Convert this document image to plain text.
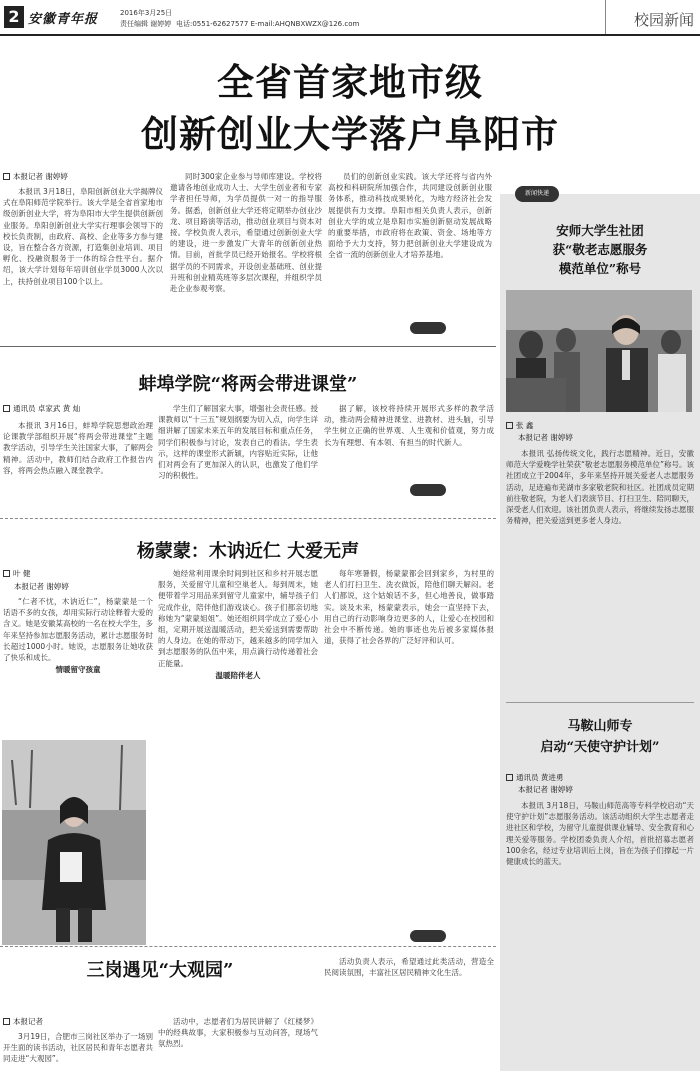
2 安徽青年报	2016年3月25日
责任编辑 谢婷婷 电话:0551-62627577 E-mail:AHQNBXWZX@126.com	校园新闻
全省首家地市级
创新创业大学落户阜阳市
本报记者 谢婷婷

本报讯 3月18日，阜阳创新创业大学揭牌仪式在阜阳师范学院举行。该大学是全省首家地市级创新创业大学，将为阜阳市大学生提供创新创业服务。阜阳创新创业大学实行理事会领导下的校长负责制，由政府、高校、企业等多方参与建设，旨在整合各方资源，打造集创业培训、项目孵化、投融资服务于一体的综合性平台。据介绍，该大学计划每年培训创业学员3000人次以上，扶持创业项目100个以上。

同时300家企业参与导师库建设。学校将邀请各地创业成功人士、大学生创业者和专家学者担任导师，为学员提供一对一的指导服务。据悉，创新创业大学还将定期举办创业沙龙、项目路演等活动，推动创业项目与资本对接。学校负责人表示，希望通过创新创业大学的建设，进一步激发广大青年的创新创业热情。目前，首批学员已经开始报名。学校将根据学员的不同需求，开设创业基础班、创业提升班和创业精英班等多层次课程，并组织学员赴企业参观考察。

员们的创新创业实践。该大学还将与省内外高校和科研院所加强合作，共同建设创新创业服务体系，推动科技成果转化，为地方经济社会发展提供有力支撑。阜阳市相关负责人表示，创新创业大学的成立是阜阳市实施创新驱动发展战略的重要举措，市政府将在政策、资金、场地等方面给予大力支持，努力把创新创业大学建设成为全省一流的创新创业人才培养基地。

蚌埠学院“将两会带进课堂”
通讯员 卓家武 黄 灿

本报讯 3月16日，蚌埠学院思想政治理论课教学部组织开展“将两会带进课堂”主题教学活动，引导学生关注国家大事，了解两会精神。活动中，教师们结合政府工作报告内容，将两会热点融入课堂教学。

学生们了解国家大事，增强社会责任感。授课教师以“十三五”规划纲要为切入点，向学生详细讲解了国家未来五年的发展目标和重点任务，同学们积极参与讨论，发表自己的看法。学生表示，这样的课堂形式新颖，内容贴近实际，让他们对两会有了更加深入的认识，也激发了他们学习的积极性。

据了解，该校将持续开展形式多样的教学活动，推动两会精神进课堂、进教材、进头脑，引导学生树立正确的世界观、人生观和价值观，努力成长为有理想、有本领、有担当的时代新人。

杨蒙蒙：木讷近仁 大爱无声
叶 健
本报记者 谢婷婷

“仁者不忧，木讷近仁”，杨蒙蒙是一个话语不多的女孩，却用实际行动诠释着大爱的含义。她是安徽某高校的一名在校大学生，多年来坚持参加志愿服务活动，累计志愿服务时长超过1000小时。她说，志愿服务让她收获了快乐和成长。

情暖留守孩童

她经常利用课余时间到社区和乡村开展志愿服务，关爱留守儿童和空巢老人。每到周末，她便带着学习用品来到留守儿童家中，辅导孩子们完成作业，陪伴他们游戏谈心。孩子们都亲切地称她为“蒙蒙姐姐”。她还组织同学成立了爱心小组，定期开展送温暖活动，把关爱送到需要帮助的人身边。在她的带动下，越来越多的同学加入到志愿服务的队伍中来，用点滴行动传递着社会正能量。

温暖陪伴老人

每年寒暑假，杨蒙蒙都会回到家乡，为村里的老人们打扫卫生、洗衣做饭，陪他们聊天解闷。老人们都说，这个姑娘话不多，但心地善良，做事踏实。谈及未来，杨蒙蒙表示，她会一直坚持下去，用自己的行动影响身边更多的人，让爱心在校园和社会中不断传递。她的事迹也先后被多家媒体报道，获得了社会各界的广泛好评和认可。

三岗遇见“大观园”
本报记者

3月19日，合肥市三岗社区举办了一场别开生面的读书活动，社区居民和青年志愿者共同走进“大观园”。

活动中，志愿者们为居民讲解了《红楼梦》中的经典故事，大家积极参与互动问答，现场气氛热烈。

活动负责人表示，希望通过此类活动，营造全民阅读氛围，丰富社区居民精神文化生活。

新闻快递
安师大学生社团
获“敬老志愿服务
模范单位”称号
张 鑫
本报记者 谢婷婷

本报讯 弘扬传统文化，践行志愿精神。近日，安徽师范大学爱晚学社荣获“敬老志愿服务模范单位”称号。该社团成立于2004年，多年来坚持开展关爱老人志愿服务活动，足迹遍布芜湖市多家敬老院和社区。社团成员定期前往敬老院，为老人们表演节目、打扫卫生、陪同聊天，深受老人们欢迎。该社团负责人表示，将继续发扬志愿服务精神，把关爱送到更多老人身边。

马鞍山师专
启动“天使守护计划”
通讯员 黄进勇
本报记者 谢婷婷

本报讯 3月18日，马鞍山师范高等专科学校启动“天使守护计划”志愿服务活动。该活动组织大学生志愿者走进社区和学校，为留守儿童提供课业辅导、安全教育和心理关爱等服务。学校团委负责人介绍，首批招募志愿者100余名，经过专业培训后上岗，旨在为孩子们撑起一片健康成长的蓝天。
